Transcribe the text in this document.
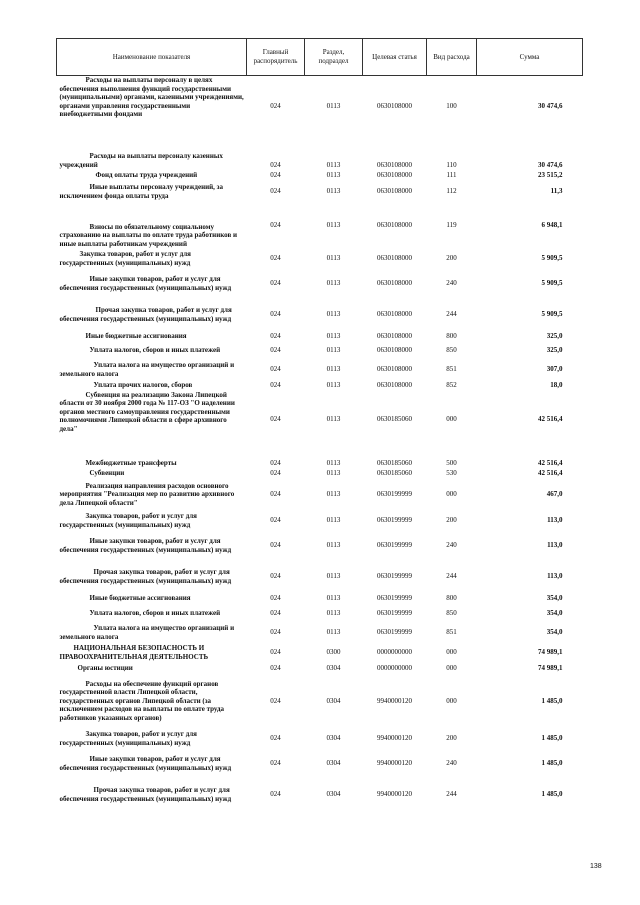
Наименование показателя	Главный распорядитель	Раздел, подраздел	Целевая статья	Вид расхода	Сумма
Расходы на выплаты персоналу в целях обеспечения выполнения функций государственными (муниципальными) органами, казенными учреждениями, органами управления государственными внебюджетными фондами	024	0113	0630108000	100	30 474,6
Расходы на выплаты персоналу казенных учреждений	024	0113	0630108000	110	30 474,6
Фонд оплаты труда учреждений	024	0113	0630108000	111	23 515,2
Иные выплаты персоналу учреждений, за исключением фонда оплаты труда	024	0113	0630108000	112	11,3
Взносы по обязательному социальному страхованию на выплаты по оплате труда работников и иные выплаты работникам учреждений	024	0113	0630108000	119	6 948,1
Закупка товаров, работ и услуг для государственных (муниципальных) нужд	024	0113	0630108000	200	5 909,5
Иные закупки товаров, работ и услуг для обеспечения государственных (муниципальных) нужд	024	0113	0630108000	240	5 909,5
Прочая закупка товаров, работ и услуг для обеспечения государственных (муниципальных) нужд	024	0113	0630108000	244	5 909,5
Иные бюджетные ассигнования	024	0113	0630108000	800	325,0
Уплата налогов, сборов и иных платежей	024	0113	0630108000	850	325,0
Уплата налога на имущество организаций и земельного налога	024	0113	0630108000	851	307,0
Уплата прочих налогов, сборов	024	0113	0630108000	852	18,0
Субвенция на реализацию Закона Липецкой области от 30 ноября 2000 года № 117-ОЗ "О наделении органов местного самоуправления государственными полномочиями Липецкой области в сфере архивного дела"	024	0113	0630185060	000	42 516,4
Межбюджетные трансферты	024	0113	0630185060	500	42 516,4
Субвенции	024	0113	0630185060	530	42 516,4
Реализация направления расходов основного мероприятия "Реализация мер по развитию архивного дела Липецкой области"	024	0113	0630199999	000	467,0
Закупка товаров, работ и услуг для государственных (муниципальных) нужд	024	0113	0630199999	200	113,0
Иные закупки товаров, работ и услуг для обеспечения государственных (муниципальных) нужд	024	0113	0630199999	240	113,0
Прочая закупка товаров, работ и услуг для обеспечения государственных (муниципальных) нужд	024	0113	0630199999	244	113,0
Иные бюджетные ассигнования	024	0113	0630199999	800	354,0
Уплата налогов, сборов и иных платежей	024	0113	0630199999	850	354,0
Уплата налога на имущество организаций и земельного налога	024	0113	0630199999	851	354,0
НАЦИОНАЛЬНАЯ БЕЗОПАСНОСТЬ И ПРАВООХРАНИТЕЛЬНАЯ ДЕЯТЕЛЬНОСТЬ	024	0300	0000000000	000	74 989,1
Органы юстиции	024	0304	0000000000	000	74 989,1
Расходы на обеспечение функций органов государственной власти Липецкой области, государственных органов Липецкой области (за исключением расходов на выплаты по оплате труда работников указанных органов)	024	0304	9940000120	000	1 485,0
Закупка товаров, работ и услуг для государственных (муниципальных) нужд	024	0304	9940000120	200	1 485,0
Иные закупки товаров, работ и услуг для обеспечения государственных (муниципальных) нужд	024	0304	9940000120	240	1 485,0
Прочая закупка товаров, работ и услуг для обеспечения государственных (муниципальных) нужд	024	0304	9940000120	244	1 485,0
138
